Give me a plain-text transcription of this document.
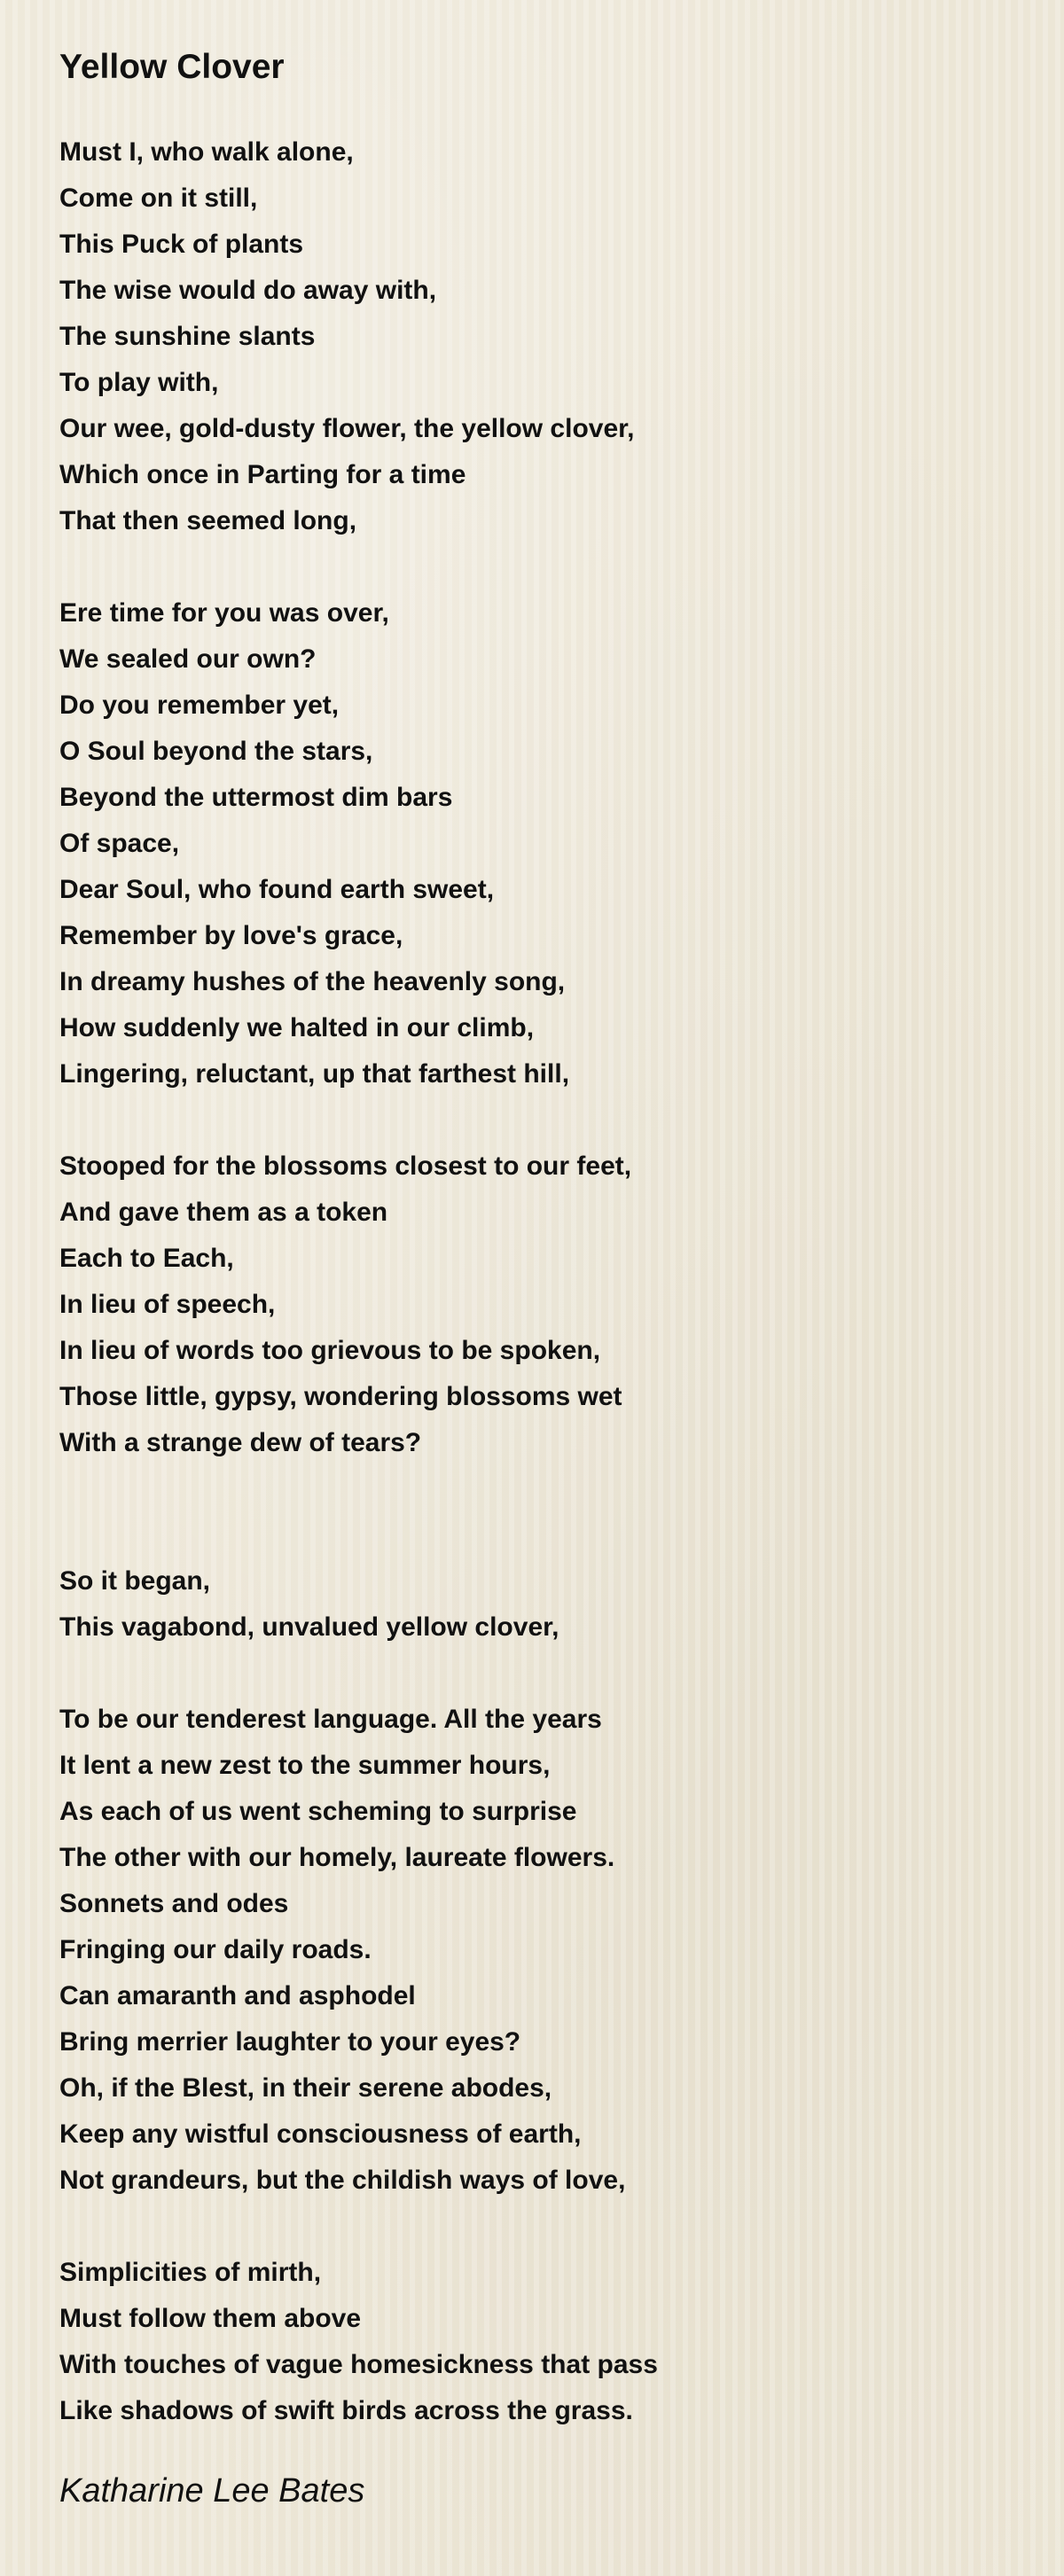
Yellow Clover
Must I, who walk alone,
Come on it still,
This Puck of plants
The wise would do away with,
The sunshine slants
To play with,
Our wee, gold-dusty flower, the yellow clover,
Which once in Parting for a time
That then seemed long,
Ere time for you was over,
We sealed our own?
Do you remember yet,
O Soul beyond the stars,
Beyond the uttermost dim bars
Of space,
Dear Soul, who found earth sweet,
Remember by love's grace,
In dreamy hushes of the heavenly song,
How suddenly we halted in our climb,
Lingering, reluctant, up that farthest hill,
Stooped for the blossoms closest to our feet,
And gave them as a token
Each to Each,
In lieu of speech,
In lieu of words too grievous to be spoken,
Those little, gypsy, wondering blossoms wet
With a strange dew of tears?
So it began,
This vagabond, unvalued yellow clover,
To be our tenderest language. All the years
It lent a new zest to the summer hours,
As each of us went scheming to surprise
The other with our homely, laureate flowers.
Sonnets and odes
Fringing our daily roads.
Can amaranth and asphodel
Bring merrier laughter to your eyes?
Oh, if the Blest, in their serene abodes,
Keep any wistful consciousness of earth,
Not grandeurs, but the childish ways of love,
Simplicities of mirth,
Must follow them above
With touches of vague homesickness that pass
Like shadows of swift birds across the grass.
Katharine Lee Bates
